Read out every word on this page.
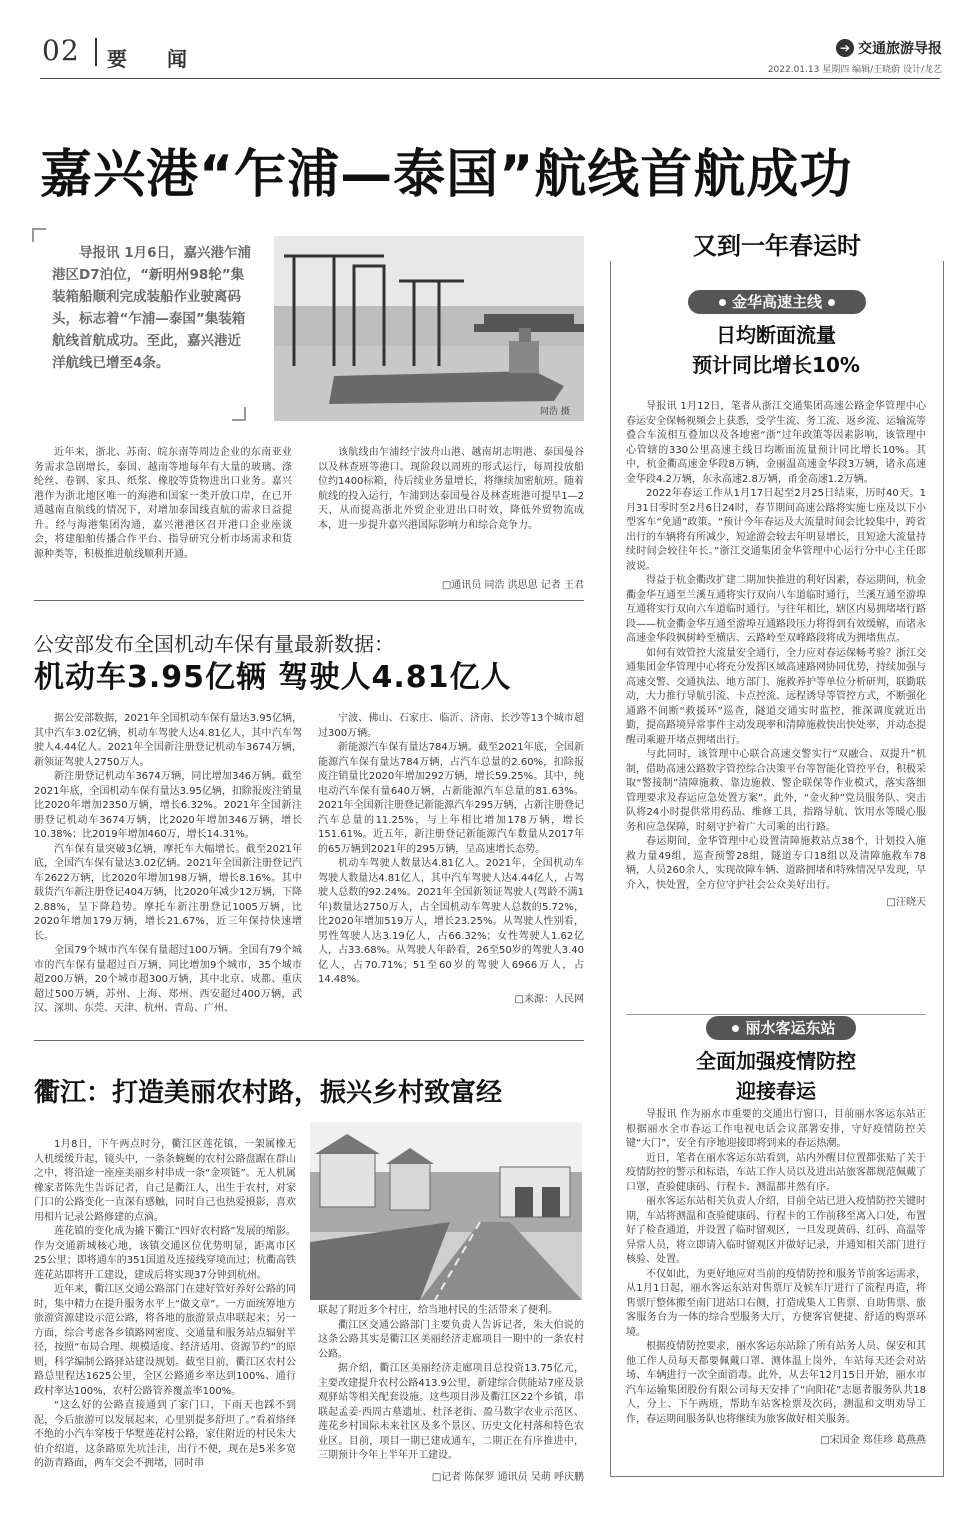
02 要闻	➔ 交通旅游导报
2022.01.13 星期四 编辑/王晓蔚 设计/龙艺
嘉兴港“乍浦—泰国”航线首航成功

导报讯 1月6日，嘉兴港乍浦港区D7泊位，“新明州98轮”集装箱船顺利完成装船作业驶离码头，标志着“乍浦—泰国”集装箱航线首航成功。至此，嘉兴港近洋航线已增至4条。

同浩 摄

近年来，浙北、苏南、皖东南等周边企业的东南亚业务需求急剧增长，泰国、越南等地每年有大量的玻璃、涤纶丝、卷钢、家具、纸浆、橡胶等货物进出口业务。嘉兴港作为浙北地区唯一的海港和国家一类开放口岸，在已开通越南直航线的情况下，对增加泰国线直航的需求日益提升。经与海港集团沟通，嘉兴港港区召开港口企业座谈会，将建船舶传播合作平台、指导研究分析市场需求和货源种类等，积极推进航线顺利开通。

该航线由乍浦经宁波舟山港、越南胡志明港、泰国曼谷以及林查班等港口。现阶段以周班的形式运行，每周投放船位约1400标箱，待后续业务量增长，将继续加密航班。随着航线的投入运行，乍浦到达泰国曼谷及林查班港可提早1—2天，从而提高浙北外贸企业进出口时效，降低外贸物流成本，进一步提升嘉兴港国际影响力和综合竞争力。

□通讯员 同浩 洪思思 记者 王君
公安部发布全国机动车保有量最新数据：
机动车3.95亿辆 驾驶人4.81亿人

据公安部数据，2021年全国机动车保有量达3.95亿辆，其中汽车3.02亿辆，机动车驾驶人达4.81亿人，其中汽车驾驶人4.44亿人。2021年全国新注册登记机动车3674万辆，新领证驾驶人2750万人。

新注册登记机动车3674万辆，同比增加346万辆。截至2021年底，全国机动车保有量达3.95亿辆，扣除报废注销量比2020年增加2350万辆，增长6.32%。2021年全国新注册登记机动车3674万辆，比2020年增加346万辆，增长10.38%；比2019年增加460万，增长14.31%。

汽车保有量突破3亿辆，摩托车大幅增长。截至2021年底，全国汽车保有量达3.02亿辆。2021年全国新注册登记汽车2622万辆，比2020年增加198万辆，增长8.16%。其中载货汽车新注册登记404万辆，比2020年减少12万辆，下降2.88%，呈下降趋势。摩托车新注册登记1005万辆，比2020年增加179万辆，增长21.67%，近三年保持快速增长。

全国79个城市汽车保有量超过100万辆。全国有79个城市的汽车保有量超过百万辆，同比增加9个城市，35个城市超200万辆，20个城市超300万辆，其中北京、成都、重庆超过500万辆，苏州、上海、郑州、西安超过400万辆，武汉、深圳、东莞、天津、杭州、青岛、广州、

宁波、佛山、石家庄、临沂、济南、长沙等13个城市超过300万辆。

新能源汽车保有量达784万辆。截至2021年底，全国新能源汽车保有量达784万辆，占汽车总量的2.60%，扣除报废注销量比2020年增加292万辆，增长59.25%。其中，纯电动汽车保有量640万辆，占新能源汽车总量的81.63%。2021年全国新注册登记新能源汽车295万辆，占新注册登记汽车总量的11.25%，与上年相比增加178万辆，增长151.61%。近五年，新注册登记新能源汽车数量从2017年的65万辆到2021年的295万辆，呈高速增长态势。

机动车驾驶人数量达4.81亿人。2021年，全国机动车驾驶人数量达4.81亿人，其中汽车驾驶人达4.44亿人，占驾驶人总数的92.24%。2021年全国新领证驾驶人(驾龄不满1年)数量达2750万人，占全国机动车驾驶人总数的5.72%，比2020年增加519万人，增长23.25%。从驾驶人性别看，男性驾驶人达3.19亿人，占66.32%；女性驾驶人1.62亿人，占33.68%。从驾驶人年龄看，26至50岁的驾驶人3.40亿人，占70.71%；51至60岁的驾驶人6966万人，占14.48%。

□来源：人民网
衢江：打造美丽农村路，振兴乡村致富经

1月8日，下午两点时分，衢江区莲花镇，一架属橡无人机缓缓升起，镜头中，一条条蜿蜒的农村公路盘踞在群山之中，将沿途一座座美丽乡村串成一条“金项链”。无人机属橡家者陈先生告诉记者，自己是衢江人，出生于农村，对家门口的公路变化一直深有感触，同时自己也热爱摄影，喜欢用相片记录公路修建的点滴。

莲花镇的变化成为撬下衢江“四好农村路”发展的缩影。作为交通新城核心地，该镇交通区位优势明显，距离市区25公里；即将通车的351国道及连接线穿境而过；杭衢高铁莲花站即将开工建设，建成后将实现37分钟到杭州。

近年来，衢江区交通公路部门在建好管好养好公路的同时，集中精力在提升服务水平上“做文章”。一方面统筹地方旅游资源建设示范公路，将各地的旅游景点串联起来；另一方面，综合考虑各乡镇路网密度、交通量和服务站点辐射半径，按照“布局合理、规模适度、经济适用、资源节约”的原则，科学编制公路驿站建设规划。截至目前，衢江区农村公路总里程达1625公里，全区公路通乡率达到100%、通行政村率达100%，农村公路管养覆盖率100%。

“这么好的公路直接通到了家门口，下雨天也踩不到泥，今后旅游可以发展起来，心里别提多舒坦了。”看着络绎不绝的小汽车穿梭于华墅莲花村公路，家住附近的村民朱大伯介绍道，这条路原先坑洼洼，出行不便，现在是5米多宽的沥青路面，两车交会不拥堵，同时串

联起了附近多个村庄，给当地村民的生活带来了便利。

衢江区交通公路部门主要负责人告诉记者，朱大伯说的这条公路其实是衢江区美丽经济走廊项目一期中的一条农村公路。

据介绍，衢江区美丽经济走廊项目总投资13.75亿元，主要改建提升农村公路413.9公里，新建综合供能站7座及景观驿站等相关配套设施。这些项目涉及衢江区22个乡镇，串联起孟姜·西周古墓遗址、杜泽老街、盈马数字农业示范区、莲花乡村国际未来社区及多个景区、历史文化村落和特色农业区。目前，项目一期已建成通车，二期正在有序推进中，三期预计今年上半年开工建设。

□记者 陈保罗 通讯员 吴萌 呼庆鹏
又到一年春运时
金华高速主线
日均断面流量
预计同比增长10%

导报讯 1月12日，笔者从浙江交通集团高速公路金华管理中心春运安全保畅视频会上获悉，受学生流、务工流、返乡流、运输流等叠合车流相互叠加以及各地密“浙”过年政策等因素影响，该管理中心管辖的330公里高速主线日均断面流量预计同比增长10%。其中，杭金衢高速金华段8万辆，金丽温高速金华段3万辆，诸永高速金华段4.2万辆，东永高速2.8万辆，甬金高速1.2万辆。

2022年春运工作从1月17日起至2月25日结束，历时40天。1月31日零时至2月6日24时，春节期间高速公路将实施七座及以下小型客车“免通”政策。“预计今年春运及大流量时间会比较集中，跨省出行的车辆将有所减少，短途游会较去年明显增长，且短途大流量持续时间会较往年长。”浙江交通集团金华管理中心运行分中心主任郎波说。

得益于杭金衢改扩建二期加快推进的利好因素，春运期间，杭金衢金华互通至兰溪互通将实行双向八车道临时通行，兰溪互通至游埠互通将实行双向六车道临时通行。与往年相比，辖区内易拥堵堵行路段——杭金衢金华互通至游埠互通路段压力将得到有效缓解，而诸永高速金华段枫树岭至横店、云路岭至双峰路段将成为拥堵焦点。

如何有效管控大流量安全通行，全力应对春运保畅考验？浙江交通集团金华管理中心将充分发挥区域高速路网协同优势，持续加强与高速交警、交通执法、地方部门、施救养护等单位分析研判，联勤联动，大力推行导航引流、卡点控流、远程诱导等管控方式，不断强化通路不间断“救援环”巡查，隧道交通实时监控，推深调度就近出勤，提高路境异常事件主动发现率和清障施救快出快处率，并动态提醒司乘避开堵点拥堵出行。

与此同时，该管理中心联合高速交警实行“双融合、双提升”机制，借助高速公路数字管控综合决策平台等智能化管控平台，积极采取“警接制”清障施救、靠边施救、警企联保等作业模式，落实落细管理要求及春运应急处置方案”。此外，“金火种”党员服务队、突击队将24小时提供常用药品、维修工具，指路导航、饮用水等暖心服务和应急保障，时刻守护着广大司乘的出行路。

春运期间，金华管理中心设置清障施救站点38个，计划投入施救力量49组，巡查预警28组，隧道专口18组以及清障施救车78辆，人员260余人，实现故障车辆、道路拥堵和特殊情况早发现，早介入，快处置，全方位守护社会公众美好出行。

□汪晓天
丽水客运东站
全面加强疫情防控
迎接春运

导报讯 作为丽水市重要的交通出行窗口，目前丽水客运东站正根据丽水全市春运工作电视电话会议部署安排，守好疫情防控关键“大门”，安全有序地迎接即将到来的春运热潮。

近日，笔者在丽水客运东站看到，站内外醒目位置都张贴了关于疫情防控的警示和标语，车站工作人员以及进出站旅客都规范佩戴了口罩，查验健康码、行程卡、测温都井然有序。

丽水客运东站相关负责人介绍，目前全站已进入疫情防控关键时期，车站将测温和查验健康码、行程卡的工作前移至离入口处，布置好了检查通道，并设置了临时留观区，一旦发现黄码、红码、高温等异常人员，将立即请入临时留观区并做好记录，并通知相关部门进行核验、处置。

不仅如此，为更好地应对当前的疫情防控和服务节前客运需求，从1月1日起，丽水客运东站对售票厅及候车厅进行了流程再造，将售票厅整体搬至南门进站口右侧，打造成集人工售票、自助售票、旅客服务台为一体的综合型服务大厅，方便客官便捷、舒适的购票环境。

根据疫情防控要求，丽水客运东站除了所有站务人员、保安和其他工作人员每天都要佩戴口罩、测体温上岗外，车站每天还会对站场、车辆进行一次全面消毒。此外，从去年12月15日开始，丽水市汽车运输集团股份有限公司每天安排了“向阳花”志愿者服务队共18人，分上、下午两班，帮助车站客检票及次码，测温和文明劝导工作，春运期间服务队也将继续为旅客做好相关服务。

□宋国金 郑佳珍 葛燕燕
